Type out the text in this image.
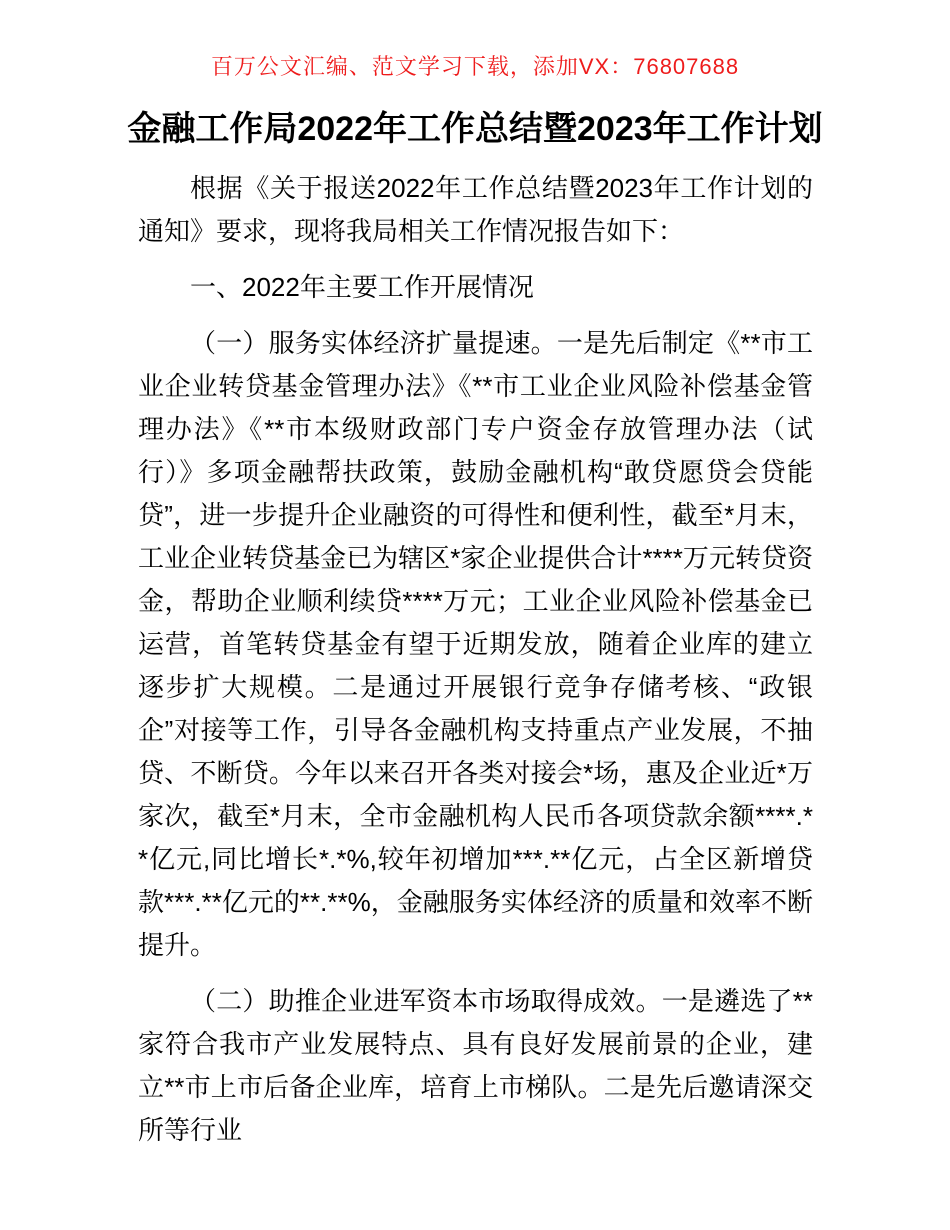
百万公文汇编、范文学习下载，添加VX：76807688
金融工作局2022年工作总结暨2023年工作计划

根据《关于报送2022年工作总结暨2023年工作计划的通知》要求，现将我局相关工作情况报告如下：

一、2022年主要工作开展情况

（一）服务实体经济扩量提速。一是先后制定《**市工业企业转贷基金管理办法》《**市工业企业风险补偿基金管理办法》《**市本级财政部门专户资金存放管理办法（试行）》多项金融帮扶政策，鼓励金融机构“敢贷愿贷会贷能贷”，进一步提升企业融资的可得性和便利性，截至*月末，工业企业转贷基金已为辖区*家企业提供合计****万元转贷资金，帮助企业顺利续贷****万元；工业企业风险补偿基金已运营，首笔转贷基金有望于近期发放，随着企业库的建立逐步扩大规模。二是通过开展银行竞争存储考核、“政银企”对接等工作，引导各金融机构支持重点产业发展，不抽贷、不断贷。今年以来召开各类对接会*场，惠及企业近*万家次，截至*月末，全市金融机构人民币各项贷款余额****.**亿元,同比增长*.*%,较年初增加***.**亿元，占全区新增贷款***.**亿元的**.**%，金融服务实体经济的质量和效率不断提升。

（二）助推企业进军资本市场取得成效。一是遴选了**家符合我市产业发展特点、具有良好发展前景的企业，建立**市上市后备企业库，培育上市梯队。二是先后邀请深交所等行业
